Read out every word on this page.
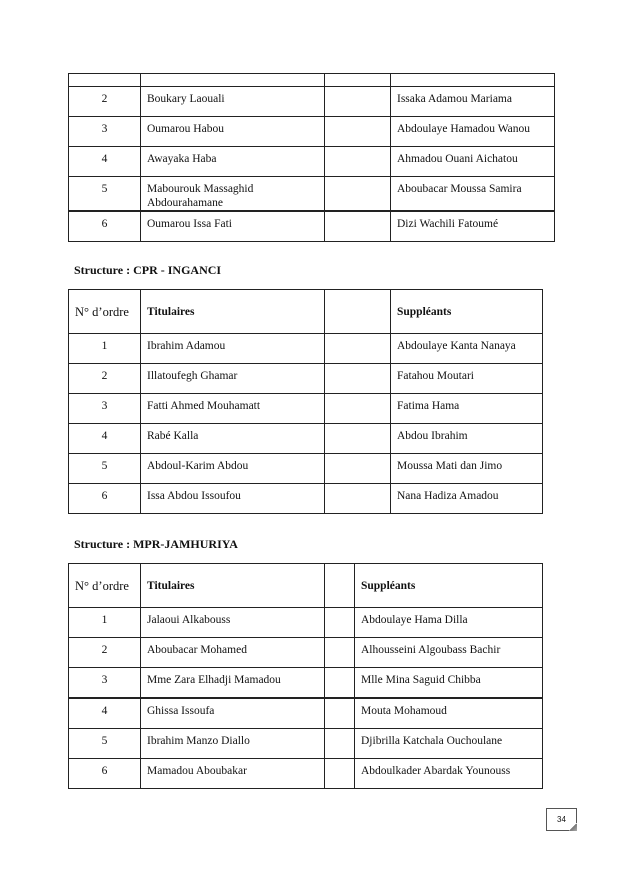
2	Boukary Laouali		Issaka Adamou Mariama
3	Oumarou Habou		Abdoulaye Hamadou Wanou
4	Awayaka Haba		Ahmadou Ouani Aichatou
5	Mabourouk Massaghid Abdourahamane		Aboubacar Moussa Samira
6	Oumarou Issa Fati		Dizi Wachili Fatoumé
Structure : CPR - INGANCI
N° d’ordre	Titulaires		Suppléants
1	Ibrahim Adamou		Abdoulaye Kanta Nanaya
2	Illatoufegh Ghamar		Fatahou Moutari
3	Fatti Ahmed Mouhamatt		Fatima Hama
4	Rabé Kalla		Abdou Ibrahim
5	Abdoul-Karim Abdou		Moussa Mati dan Jimo
6	Issa Abdou Issoufou		Nana Hadiza Amadou
Structure : MPR-JAMHURIYA
N° d’ordre	Titulaires		Suppléants
1	Jalaoui Alkabouss		Abdoulaye Hama Dilla
2	Aboubacar Mohamed		Alhousseini Algoubass Bachir
3	Mme Zara Elhadji Mamadou		Mlle Mina Saguid Chibba
4	Ghissa Issoufa		Mouta Mohamoud
5	Ibrahim Manzo Diallo		Djibrilla Katchala Ouchoulane
6	Mamadou Aboubakar		Abdoulkader Abardak Younouss
34
